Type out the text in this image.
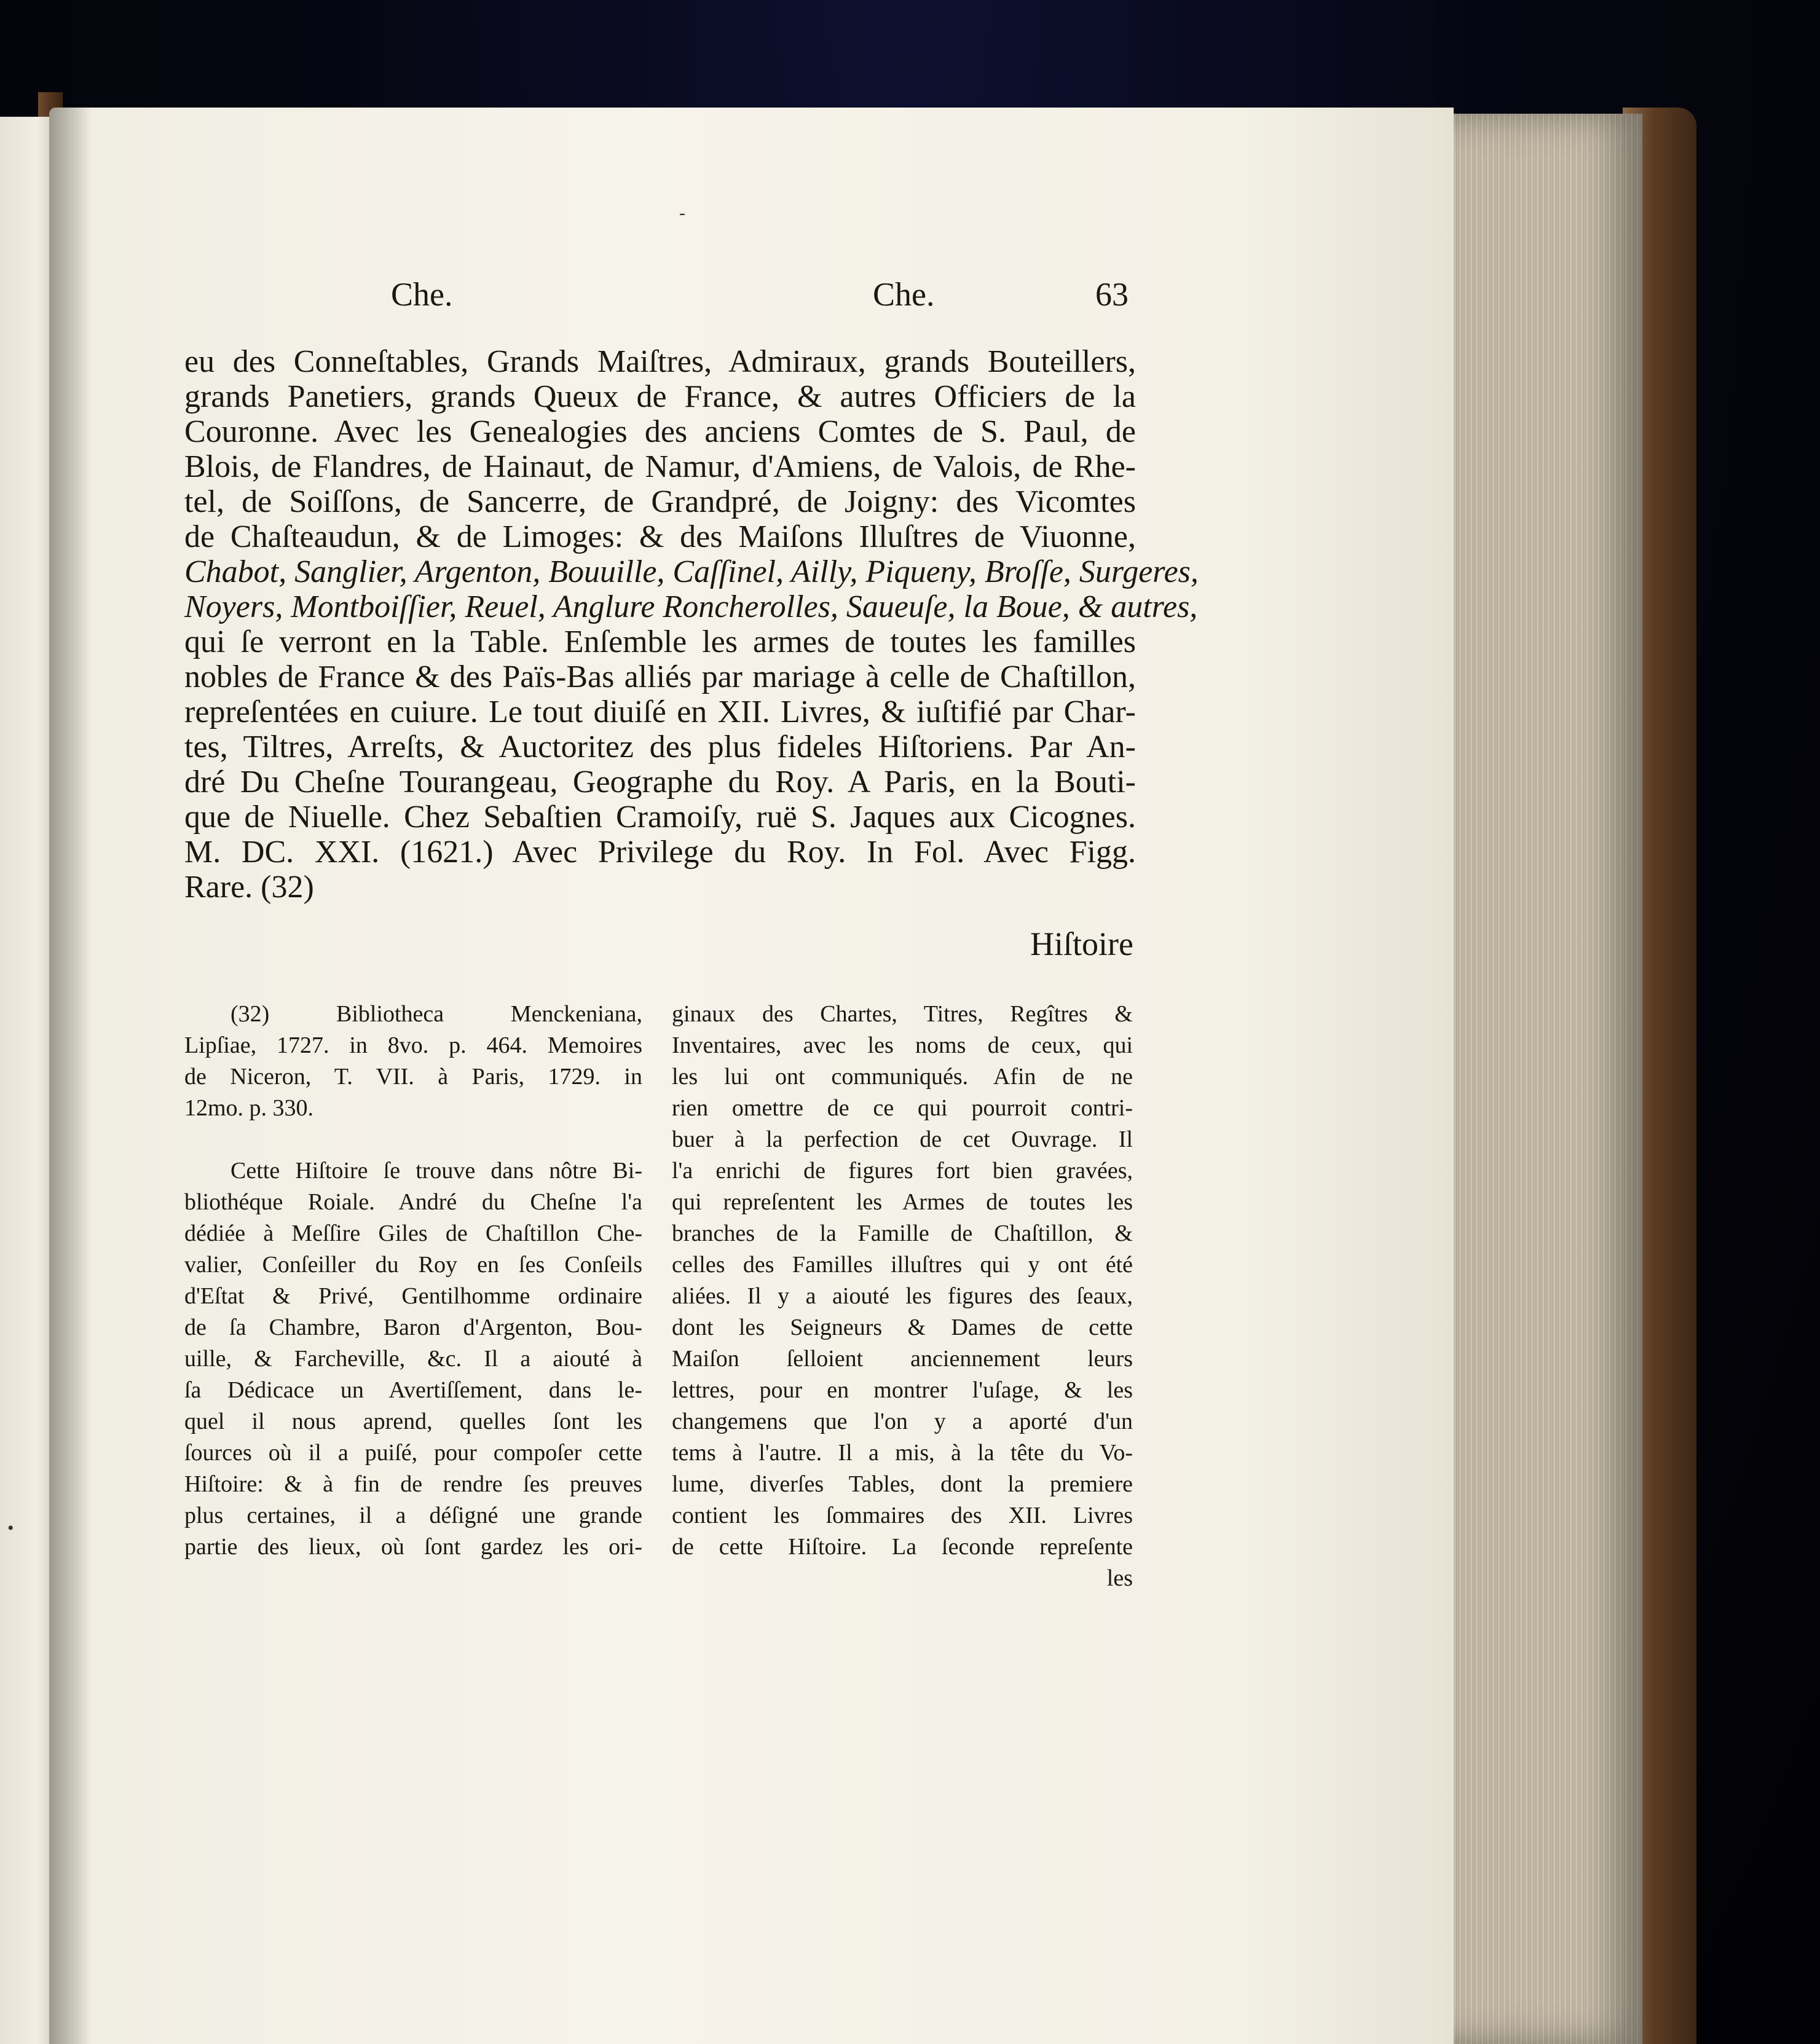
Che.	Che.	63
eu des Conneſtables, Grands Maiſtres, Admiraux, grands Bouteillers,
grands Panetiers, grands Queux de France, & autres Officiers de la
Couronne. Avec les Genealogies des anciens Comtes de S. Paul, de
Blois, de Flandres, de Hainaut, de Namur, d'Amiens, de Valois, de Rhe-
tel, de Soiſſons, de Sancerre, de Grandpré, de Joigny: des Vicomtes
de Chaſteaudun, & de Limoges: & des Maiſons Illuſtres de Viuonne,
Chabot, Sanglier, Argenton, Bouuille, Caſſinel, Ailly, Piqueny, Broſſe, Surgeres,
Noyers, Montboiſſier, Reuel, Anglure Roncherolles, Saueuſe, la Boue, & autres,
qui ſe verront en la Table. Enſemble les armes de toutes les familles
nobles de France & des Païs-Bas alliés par mariage à celle de Chaſtillon,
repreſentées en cuiure. Le tout diuiſé en XII. Livres, & iuſtifié par Char-
tes, Tiltres, Arreſts, & Auctoritez des plus fideles Hiſtoriens. Par An-
dré Du Cheſne Tourangeau, Geographe du Roy. A Paris, en la Bouti-
que de Niuelle. Chez Sebaſtien Cramoiſy, ruë S. Jaques aux Cicognes.
M. DC. XXI. (1621.) Avec Privilege du Roy. In Fol. Avec Figg.
Rare. (32)
Hiſtoire
(32) Bibliotheca Menckeniana,
Lipſiae, 1727. in 8vo. p. 464. Memoires
de Niceron, T. VII. à Paris, 1729. in
12mo. p. 330.
Cette Hiſtoire ſe trouve dans nôtre Bi-
bliothéque Roiale. André du Cheſne l'a
dédiée à Meſſire Giles de Chaſtillon Che-
valier, Conſeiller du Roy en ſes Conſeils
d'Eſtat & Privé, Gentilhomme ordinaire
de ſa Chambre, Baron d'Argenton, Bou-
uille, & Farcheville, &c. Il a aiouté à
ſa Dédicace un Avertiſſement, dans le-
quel il nous aprend, quelles ſont les
ſources où il a puiſé, pour compoſer cette
Hiſtoire: & à fin de rendre ſes preuves
plus certaines, il a déſigné une grande
partie des lieux, où ſont gardez les ori-
ginaux des Chartes, Titres, Regîtres &
Inventaires, avec les noms de ceux, qui
les lui ont communiqués. Afin de ne
rien omettre de ce qui pourroit contri-
buer à la perfection de cet Ouvrage. Il
l'a enrichi de figures fort bien gravées,
qui repreſentent les Armes de toutes les
branches de la Famille de Chaſtillon, &
celles des Familles illuſtres qui y ont été
aliées. Il y a aiouté les figures des ſeaux,
dont les Seigneurs & Dames de cette
Maiſon ſelloient anciennement leurs
lettres, pour en montrer l'uſage, & les
changemens que l'on y a aporté d'un
tems à l'autre. Il a mis, à la tête du Vo-
lume, diverſes Tables, dont la premiere
contient les ſommaires des XII. Livres
de cette Hiſtoire. La ſeconde repreſente
les
-
•
